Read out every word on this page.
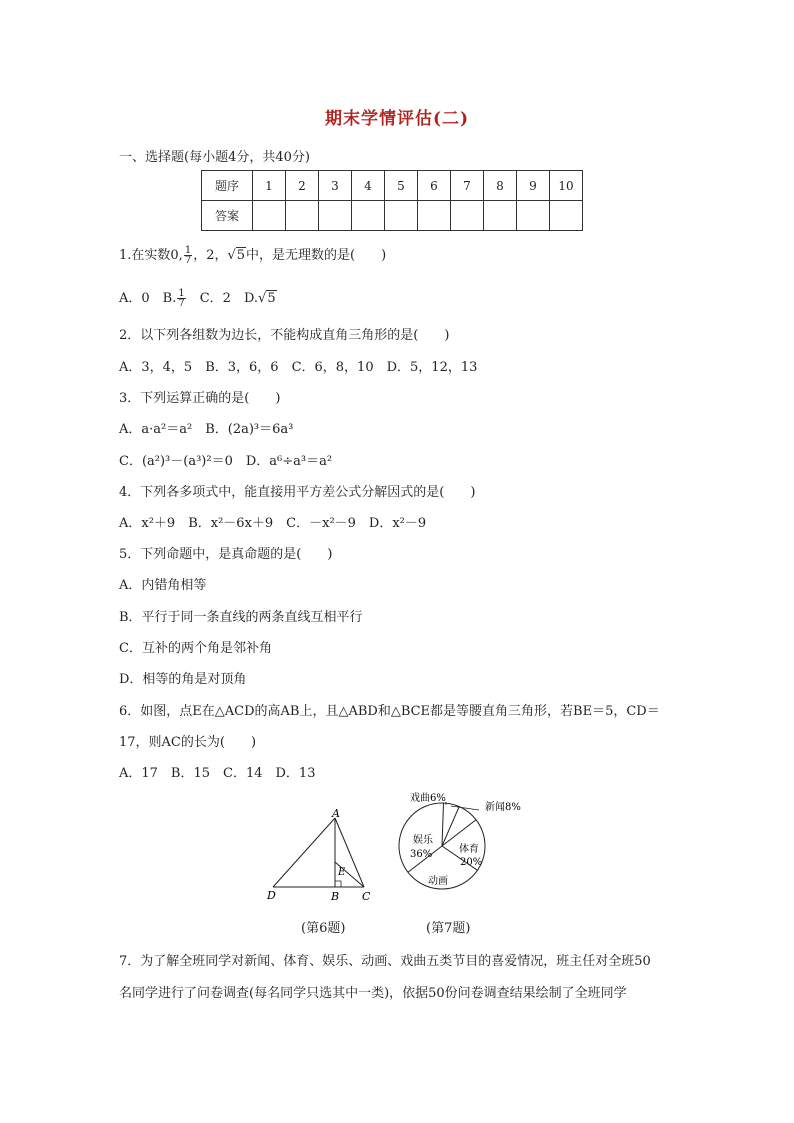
期末学情评估(二)
一、选择题(每小题4分，共40分)
题序	1	2	3	4	5	6	7	8	9	10
答案										
1.在实数0, $\frac{1}{7}$ ，2，√5中，是无理数的是(　　)
A．0　B. $\frac{1}{7}$ 　C．2　D.√5
2．以下列各组数为边长，不能构成直角三角形的是(　　)
A．3，4，5　B．3，6，6　C．6，8，10　D．5，12，13
3．下列运算正确的是(　　)
A．a·a²＝a²　 B．(2a)³＝6a³
C．(a²)³－(a³)²＝0　 D．a⁶÷a³＝a²
4．下列各多项式中，能直接用平方差公式分解因式的是(　　)
A．x²＋9　B．x²－6x＋9　C．－x²－9　D．x²－9
5．下列命题中，是真命题的是(　　)
A．内错角相等
B．平行于同一条直线的两条直线互相平行
C．互补的两个角是邻补角
D．相等的角是对顶角
6．如图，点E在△ACD的高AB上，且△ABD和△BCE都是等腰直角三角形，若BE＝5，CD＝
17，则AC的长为(　　)
A．17　B．15　C．14　D．13
A
B C
D
E
(第6题)
戏曲6%
新闻8%
体育
20%
动画
娱乐
36%
(第7题)
7．为了解全班同学对新闻、体育、娱乐、动画、戏曲五类节目的喜爱情况，班主任对全班50
名同学进行了问卷调查(每名同学只选其中一类)，依据50份问卷调查结果绘制了全班同学
